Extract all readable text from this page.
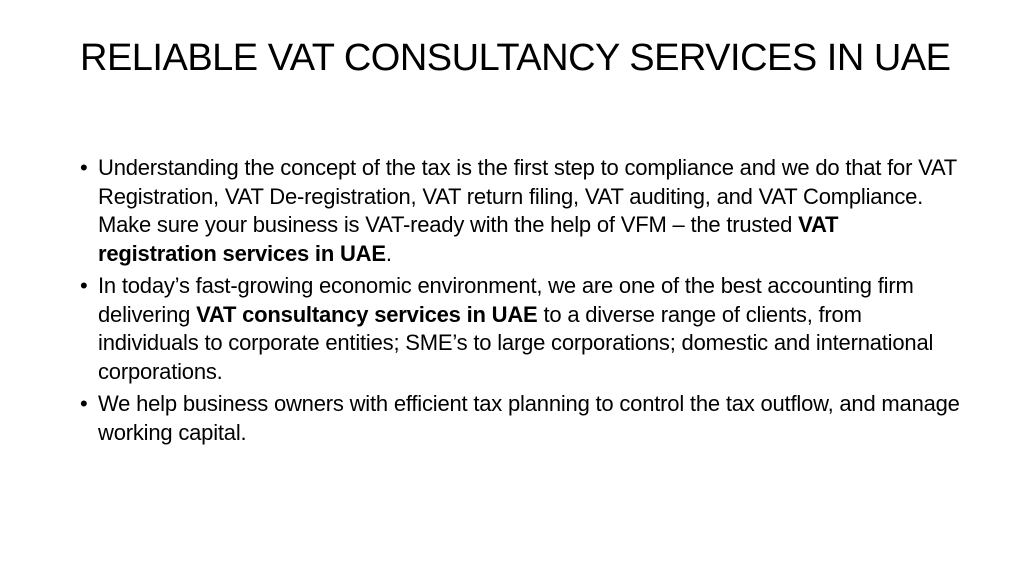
RELIABLE VAT CONSULTANCY SERVICES IN UAE
• Understanding the concept of the tax is the first step to compliance and we do that for VAT Registration, VAT De-registration, VAT return filing, VAT auditing, and VAT Compliance. Make sure your business is VAT-ready with the help of VFM – the trusted VAT registration services in UAE.
• In today’s fast-growing economic environment, we are one of the best accounting firm delivering VAT consultancy services in UAE to a diverse range of clients, from individuals to corporate entities; SME’s to large corporations; domestic and international corporations.
• We help business owners with efficient tax planning to control the tax outflow, and manage working capital.
